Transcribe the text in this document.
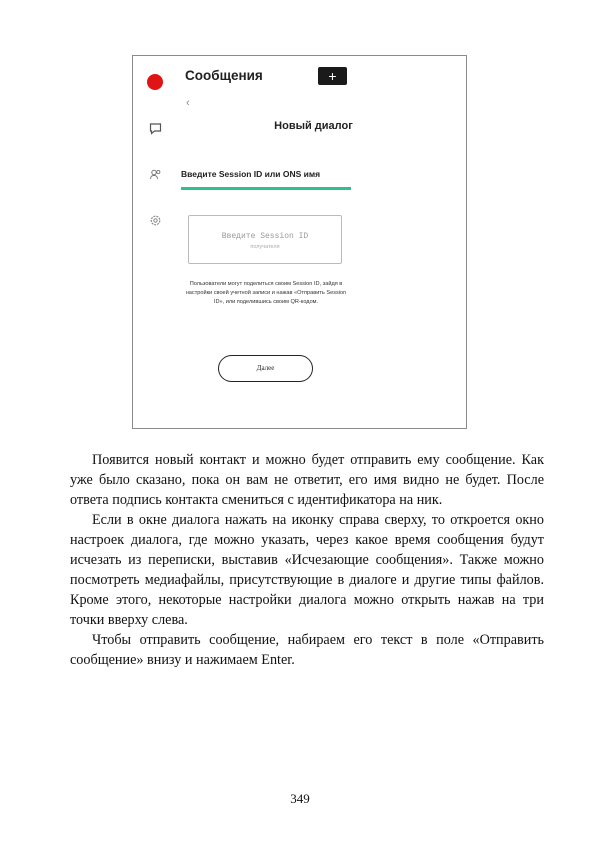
Сообщения	+
‹
Новый диалог
Введите Session ID или ONS имя
Введите Session ID
получателя
Пользователи могут поделиться своим Session ID, зайдя в настройки своей учетной записи и нажав «Отправить Session ID», или поделившись своим QR-кодом.
Далее

Появится новый контакт и можно будет отправить ему сообщение. Как уже было сказано, пока он вам не ответит, его имя видно не будет. После ответа подпись контакта смениться с идентификатора на ник.

Если в окне диалога нажать на иконку справа сверху, то откроется окно настроек диалога, где можно указать, через какое время сообщения будут исчезать из переписки, выставив «Исчезающие сообщения». Также можно посмотреть медиафайлы, присутствующие в диалоге и другие типы файлов. Кроме этого, некоторые настройки диалога можно открыть нажав на три точки вверху слева.

Чтобы отправить сообщение, набираем его текст в поле «Отправить сообщение» внизу и нажимаем Enter.

349
